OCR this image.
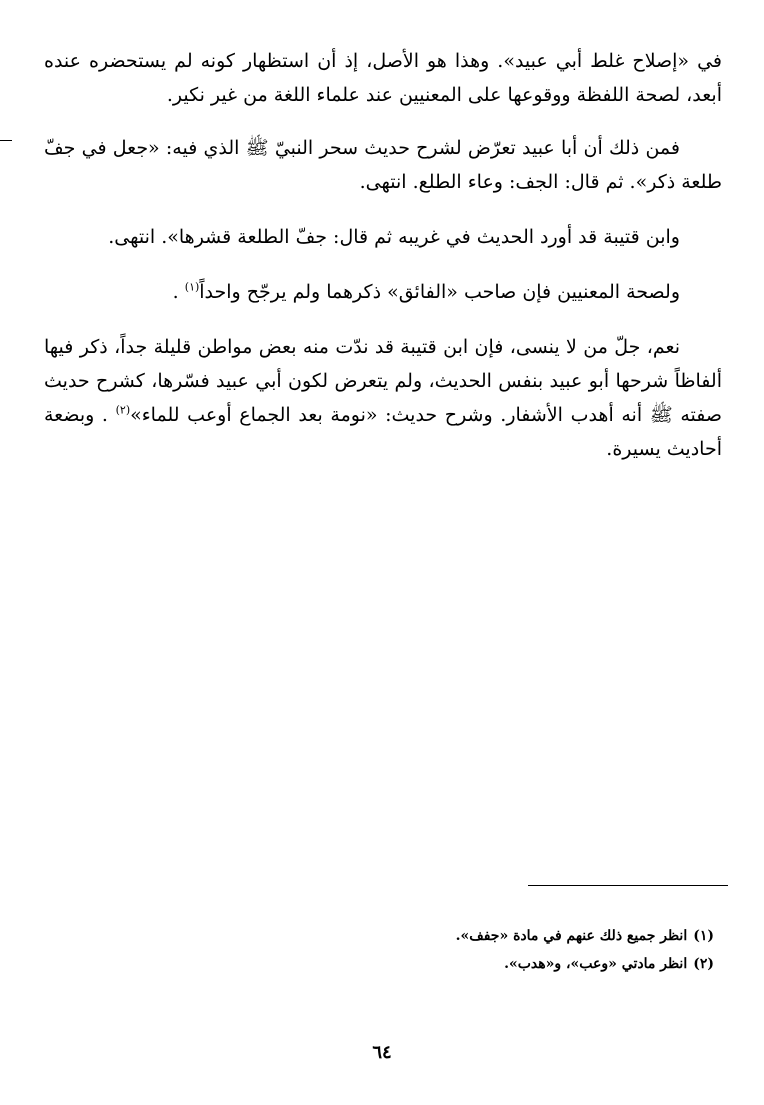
في «إصلاح غلط أبي عبيد». وهذا هو الأصل، إذ أن استظهار كونه لم يستحضره عنده أبعد، لصحة اللفظة ووقوعها على المعنيين عند علماء اللغة من غير نكير.

فمن ذلك أن أبا عبيد تعرّض لشرح حديث سحر النبيّ ﷺ الذي فيه: «جعل في جفّ طلعة ذكر». ثم قال: الجف: وعاء الطلع. انتهى.

وابن قتيبة قد أورد الحديث في غريبه ثم قال: جفّ الطلعة قشرها». انتهى.

ولصحة المعنيين فإن صاحب «الفائق» ذكرهما ولم يرجّح واحداً$^{(١)}$ .

نعم، جلّ من لا ينسى، فإن ابن قتيبة قد ندّت منه بعض مواطن قليلة جداً، ذكر فيها ألفاظاً شرحها أبو عبيد بنفس الحديث، ولم يتعرض لكون أبي عبيد فسّرها، كشرح حديث صفته ﷺ أنه أهدب الأشفار. وشرح حديث: «نومة بعد الجماع أوعب للماء»$^{(٢)}$ . وبضعة أحاديث يسيرة.

(١)انظر جميع ذلك عنهم في مادة «جفف».
(٢)انظر مادتي «وعب»، و«هدب».
٦٤
